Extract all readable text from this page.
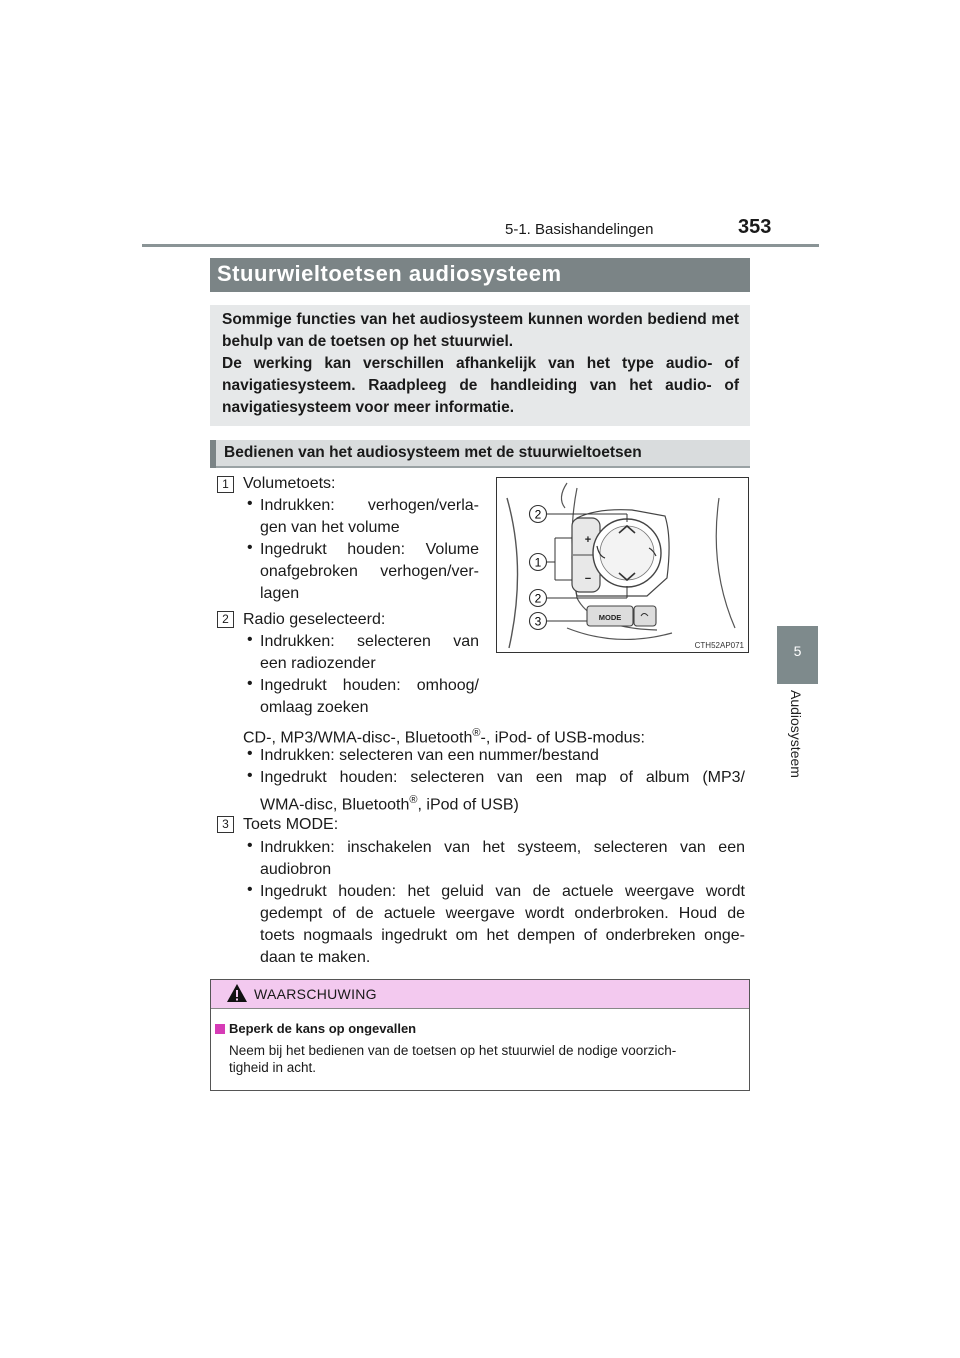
5-1. Basishandelingen	353
5
Audiosysteem
Stuurwieltoetsen audiosysteem
Sommige functies van het audiosysteem kunnen worden bediend met behulp van de toetsen op het stuurwiel.
De werking kan verschillen afhankelijk van het type audio- of navigatiesysteem. Raadpleeg de handleiding van het audio- of navigatiesysteem voor meer informatie.
Bedienen van het audiosysteem met de stuurwieltoetsen
1 Volumetoets:
• Indrukken: verhogen/verla-
gen van het volume
• Ingedrukt houden: Volume
onafgebroken verhogen/ver-
lagen
2 Radio geselecteerd:
• Indrukken: selecteren van
een radiozender
• Ingedrukt houden: omhoog/
omlaag zoeken
CD-, MP3/WMA-disc-, Bluetooth®-, iPod- of USB-modus:
• Indrukken: selecteren van een nummer/bestand
• Ingedrukt houden: selecteren van een map of album (MP3/
WMA-disc, Bluetooth®, iPod of USB)
3 Toets MODE:
• Indrukken: inschakelen van het systeem, selecteren van een
audiobron
• Ingedrukt houden: het geluid van de actuele weergave wordt
gedempt of de actuele weergave wordt onderbroken. Houd de
toets nogmaals ingedrukt om het dempen of onderbreken onge-
daan te maken.
+
−
MODE
2
1
2
3
CTH52AP071
WAARSCHUWING
Beperk de kans op ongevallen
Neem bij het bedienen van de toetsen op het stuurwiel de nodige voorzich-
tigheid in acht.
